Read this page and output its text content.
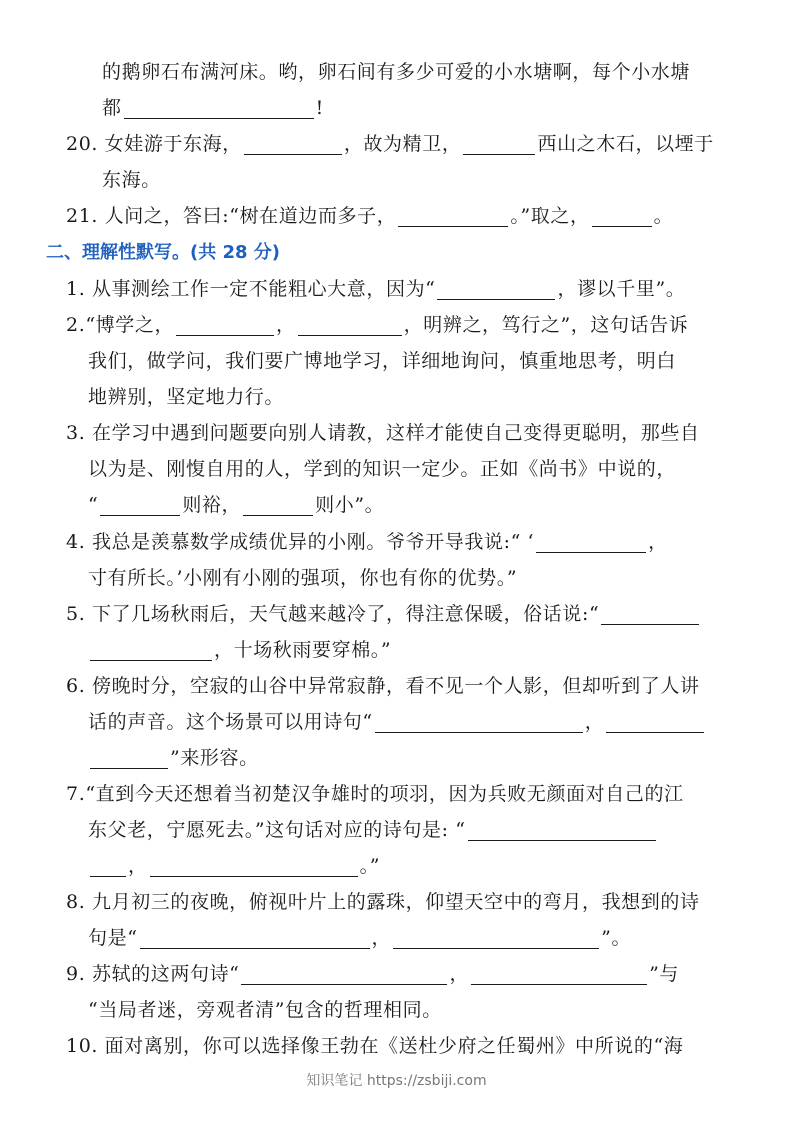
的鹅卵石布满河床。哟，卵石间有多少可爱的小水塘啊，每个小水塘
都	!
20. 女娃游于东海，	，故为精卫，	西山之木石，以堙于
东海。
21. 人问之，答曰:“树在道边而多子，	。”取之，	。
二、理解性默写。(共 28 分)
1. 从事测绘工作一定不能粗心大意，因为“	，谬以千里”。
2.“博学之，	，	，明辨之，笃行之”，这句话告诉
我们，做学问，我们要广博地学习，详细地询问，慎重地思考，明白
地辨别，坚定地力行。
3. 在学习中遇到问题要向别人请教，这样才能使自己变得更聪明，那些自
以为是、刚愎自用的人，学到的知识一定少。正如《尚书》中说的，
“	则裕，	则小”。
4. 我总是羡慕数学成绩优异的小刚。爷爷开导我说:“ ‘	，
寸有所长。’小刚有小刚的强项，你也有你的优势。”
5. 下了几场秋雨后，天气越来越冷了，得注意保暖，俗话说:“
，十场秋雨要穿棉。”
6. 傍晚时分，空寂的山谷中异常寂静，看不见一个人影，但却听到了人讲
话的声音。这个场景可以用诗句“	，
”来形容。
7.“直到今天还想着当初楚汉争雄时的项羽，因为兵败无颜面对自己的江
东父老，宁愿死去。”这句话对应的诗句是: “
，	。”
8. 九月初三的夜晚，俯视叶片上的露珠，仰望天空中的弯月，我想到的诗
句是“	，	”。
9. 苏轼的这两句诗“	，	”与
“当局者迷，旁观者清”包含的哲理相同。
10. 面对离别，你可以选择像王勃在《送杜少府之任蜀州》中所说的“海
知识笔记 https://zsbiji.com
